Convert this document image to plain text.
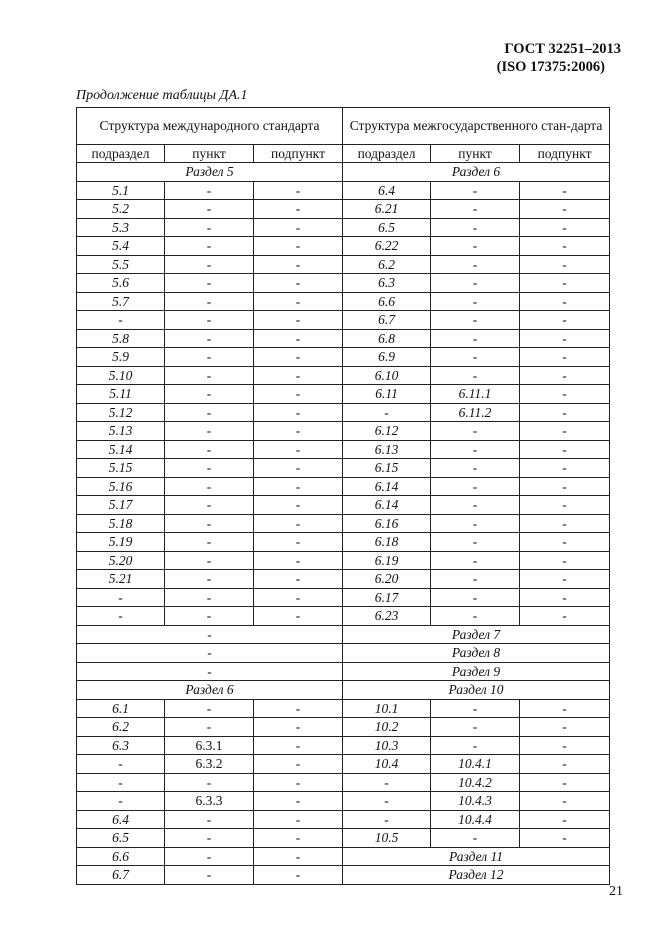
ГОСТ 32251–2013
(ISO 17375:2006)
Продолжение таблицы ДА.1
Структура международного стандарта			Структура межгосударственного стан-дарта		
подраздел	пункт	подпункт	подраздел	пункт	подпункт
Раздел 5			Раздел 6		
5.1	-	-	6.4	-	-
5.2	-	-	6.21	-	-
5.3	-	-	6.5	-	-
5.4	-	-	6.22	-	-
5.5	-	-	6.2	-	-
5.6	-	-	6.3	-	-
5.7	-	-	6.6	-	-
-	-	-	6.7	-	-
5.8	-	-	6.8	-	-
5.9	-	-	6.9	-	-
5.10	-	-	6.10	-	-
5.11	-	-	6.11	6.11.1	-
5.12	-	-	-	6.11.2	-
5.13	-	-	6.12	-	-
5.14	-	-	6.13	-	-
5.15	-	-	6.15	-	-
5.16	-	-	6.14	-	-
5.17	-	-	6.14	-	-
5.18	-	-	6.16	-	-
5.19	-	-	6.18	-	-
5.20	-	-	6.19	-	-
5.21	-	-	6.20	-	-
-	-	-	6.17	-	-
-	-	-	6.23	-	-
-			Раздел 7		
-			Раздел 8		
-			Раздел 9		
Раздел 6			Раздел 10		
6.1	-	-	10.1	-	-
6.2	-	-	10.2	-	-
6.3	6.3.1	-	10.3	-	-
-	6.3.2	-	10.4	10.4.1	-
-	-	-	-	10.4.2	-
-	6.3.3	-	-	10.4.3	-
6.4	-	-	-	10.4.4	-
6.5	-	-	10.5	-	-
6.6	-	-	Раздел 11		
6.7	-	-	Раздел 12		
21
